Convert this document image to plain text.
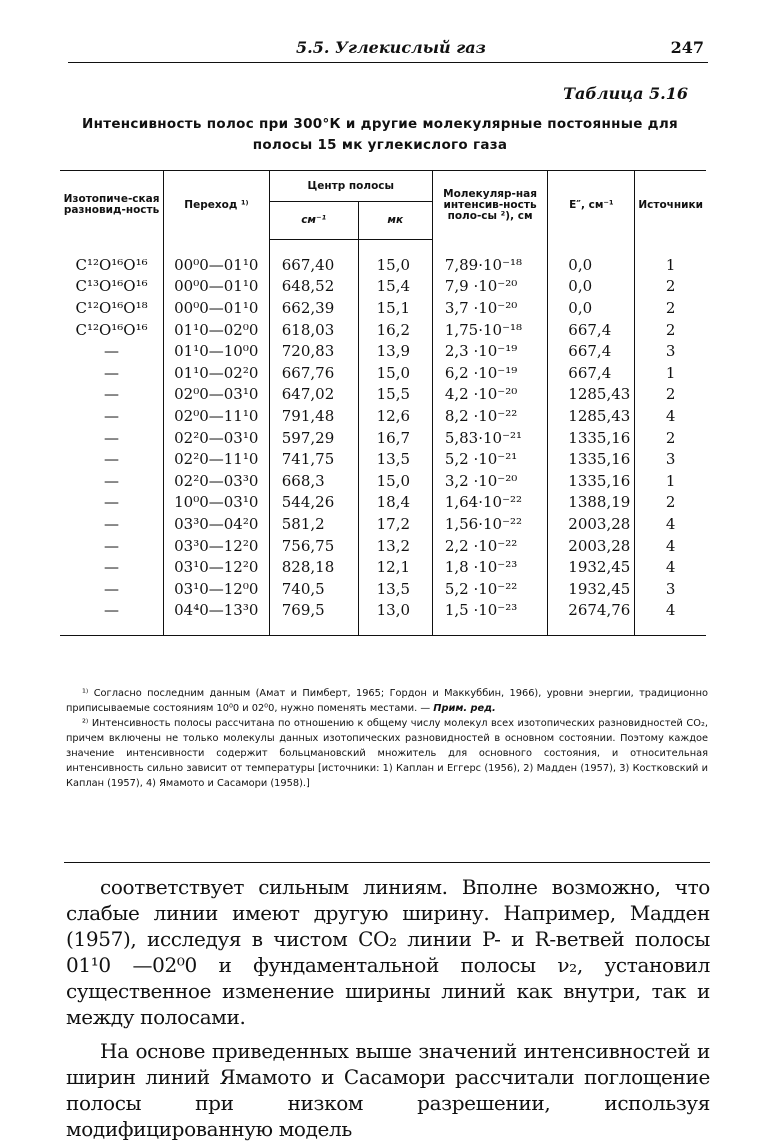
5.5. Углекислый газ	247
Таблица 5.16
Интенсивность полос при 300°К и другие молекулярные постоянные для
полосы 15 мк углекислого газа
Изотопиче-ская разновид-ность	Переход ¹⁾	Центр полосы		Молекуляр-ная интенсив-ность поло-сы ²), см	E″, см⁻¹	Источники
		см⁻¹	мк			

C¹²O¹⁶O¹⁶	00⁰0—01¹0	667,40	15,0	7,89·10⁻¹⁸	0,0	1
C¹³O¹⁶O¹⁶	00⁰0—01¹0	648,52	15,4	7,9 ·10⁻²⁰	0,0	2
C¹²O¹⁶O¹⁸	00⁰0—01¹0	662,39	15,1	3,7 ·10⁻²⁰	0,0	2
C¹²O¹⁶O¹⁶	01¹0—02⁰0	618,03	16,2	1,75·10⁻¹⁸	667,4	2
—	01¹0—10⁰0	720,83	13,9	2,3 ·10⁻¹⁹	667,4	3
—	01¹0—02²0	667,76	15,0	6,2 ·10⁻¹⁹	667,4	1
—	02⁰0—03¹0	647,02	15,5	4,2 ·10⁻²⁰	1285,43	2
—	02⁰0—11¹0	791,48	12,6	8,2 ·10⁻²²	1285,43	4
—	02²0—03¹0	597,29	16,7	5,83·10⁻²¹	1335,16	2
—	02²0—11¹0	741,75	13,5	5,2 ·10⁻²¹	1335,16	3
—	02²0—03³0	668,3	15,0	3,2 ·10⁻²⁰	1335,16	1
—	10⁰0—03¹0	544,26	18,4	1,64·10⁻²²	1388,19	2
—	03³0—04²0	581,2	17,2	1,56·10⁻²²	2003,28	4
—	03³0—12²0	756,75	13,2	2,2 ·10⁻²²	2003,28	4
—	03¹0—12²0	828,18	12,1	1,8 ·10⁻²³	1932,45	4
—	03¹0—12⁰0	740,5	13,5	5,2 ·10⁻²²	1932,45	3
—	04⁴0—13³0	769,5	13,0	1,5 ·10⁻²³	2674,76	4

¹⁾ Согласно последним данным (Амат и Пимберт, 1965; Гордон и Маккуббин, 1966), уровни энергии, традиционно приписываемые состояниям 10⁰0 и 02⁰0, нужно поменять местами. — Прим. ред.

²⁾ Интенсивность полосы рассчитана по отношению к общему числу молекул всех изотопических разновидностей CO₂, причем включены не только молекулы данных изотопических разновидностей в основном состоянии. Поэтому каждое значение интенсивности содержит больцмановский множитель для основного состояния, и относительная интенсивность сильно зависит от температуры [источники: 1) Каплан и Еггерс (1956), 2) Мадден (1957), 3) Костковский и Каплан (1957), 4) Ямамото и Сасамори (1958).]

соответствует сильным линиям. Вполне возможно, что слабые линии имеют другую ширину. Например, Мадден (1957), исследуя в чистом CO₂ линии P- и R-ветвей полосы 01¹0 —02⁰0 и фундаментальной полосы ν₂, установил существенное изменение ширины линий как внутри, так и между полосами.

На основе приведенных выше значений интенсивностей и ширин линий Ямамото и Сасамори рассчитали поглощение полосы при низком разрешении, используя модифицированную модель
